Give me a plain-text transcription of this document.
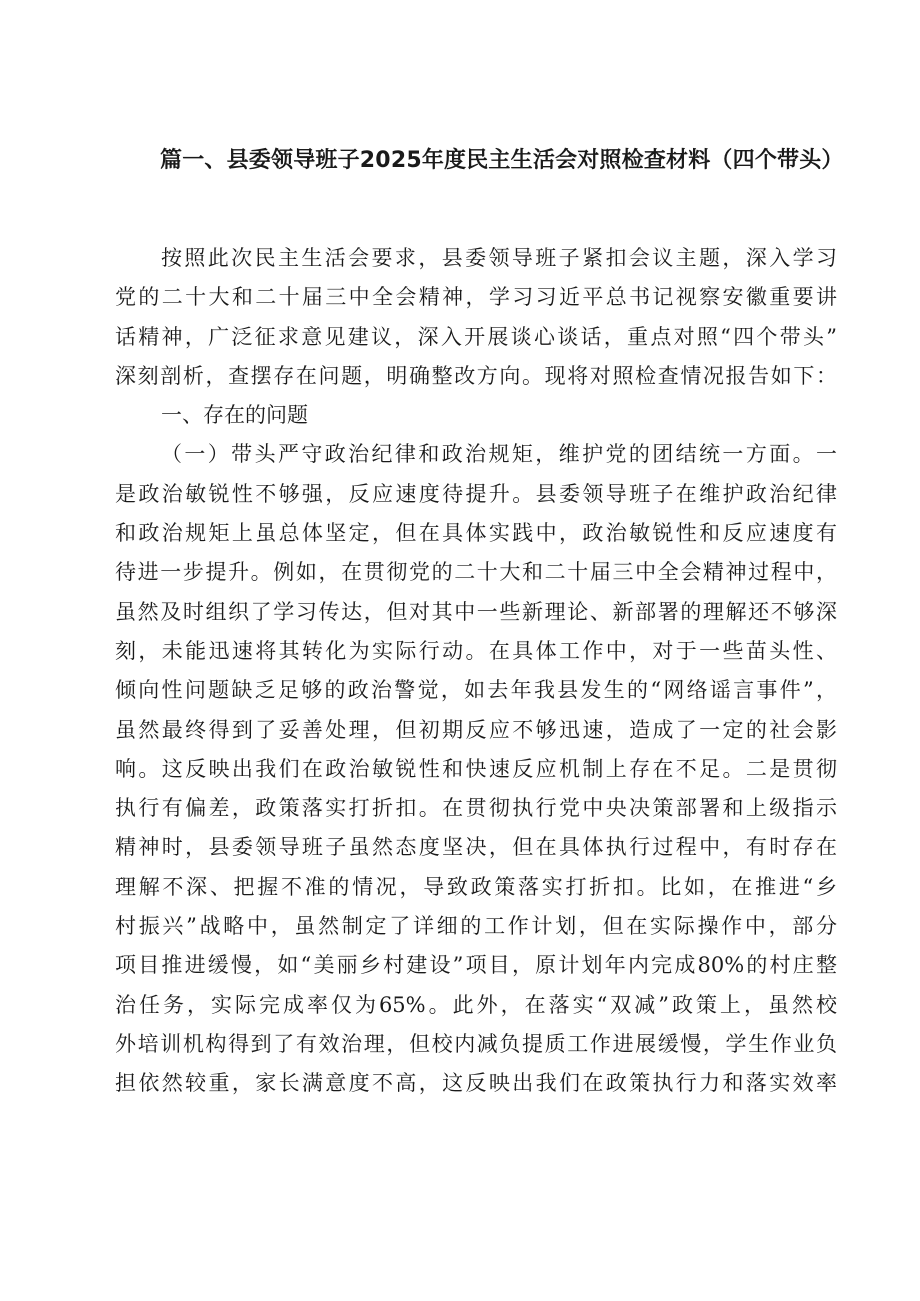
篇一、县委领导班子2025年度民主生活会对照检查材料（四个带头）
按照此次民主生活会要求，县委领导班子紧扣会议主题，深入学习
党的二十大和二十届三中全会精神，学习习近平总书记视察安徽重要讲
话精神，广泛征求意见建议，深入开展谈心谈话，重点对照“四个带头”
深刻剖析，查摆存在问题，明确整改方向。现将对照检查情况报告如下：
一、存在的问题
（一）带头严守政治纪律和政治规矩，维护党的团结统一方面。一
是政治敏锐性不够强，反应速度待提升。县委领导班子在维护政治纪律
和政治规矩上虽总体坚定，但在具体实践中，政治敏锐性和反应速度有
待进一步提升。例如，在贯彻党的二十大和二十届三中全会精神过程中，
虽然及时组织了学习传达，但对其中一些新理论、新部署的理解还不够深
刻，未能迅速将其转化为实际行动。在具体工作中，对于一些苗头性、
倾向性问题缺乏足够的政治警觉，如去年我县发生的“网络谣言事件”，
虽然最终得到了妥善处理，但初期反应不够迅速，造成了一定的社会影
响。这反映出我们在政治敏锐性和快速反应机制上存在不足。二是贯彻
执行有偏差，政策落实打折扣。在贯彻执行党中央决策部署和上级指示
精神时，县委领导班子虽然态度坚决，但在具体执行过程中，有时存在
理解不深、把握不准的情况，导致政策落实打折扣。比如，在推进“乡
村振兴”战略中，虽然制定了详细的工作计划，但在实际操作中，部分
项目推进缓慢，如“美丽乡村建设”项目，原计划年内完成80%的村庄整
治任务，实际完成率仅为65%。此外，在落实“双减”政策上，虽然校
外培训机构得到了有效治理，但校内减负提质工作进展缓慢，学生作业负
担依然较重，家长满意度不高，这反映出我们在政策执行力和落实效率
